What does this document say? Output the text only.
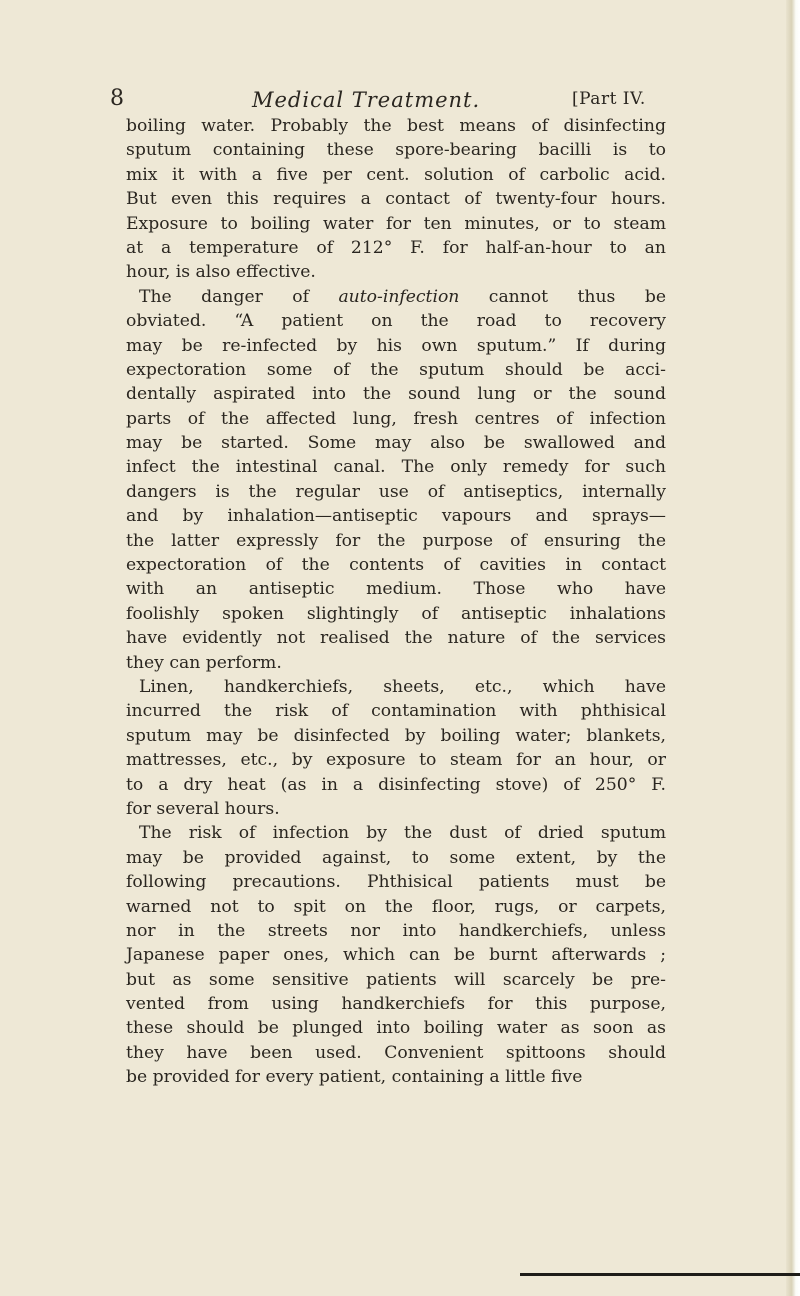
8	Medical Treatment.	[Part IV.
boiling water. Probably the best means of disinfecting
sputum containing these spore-bearing bacilli is to
mix it with a five per cent. solution of carbolic acid.
But even this requires a contact of twenty-four hours.
Exposure to boiling water for ten minutes, or to steam
at a temperature of 212° F. for half-an-hour to an
hour, is also effective.
The danger of auto-infection cannot thus be
obviated. “A patient on the road to recovery
may be re-infected by his own sputum.” If during
expectoration some of the sputum should be acci-
dentally aspirated into the sound lung or the sound
parts of the affected lung, fresh centres of infection
may be started. Some may also be swallowed and
infect the intestinal canal. The only remedy for such
dangers is the regular use of antiseptics, internally
and by inhalation—antiseptic vapours and sprays—
the latter expressly for the purpose of ensuring the
expectoration of the contents of cavities in contact
with an antiseptic medium. Those who have
foolishly spoken slightingly of antiseptic inhalations
have evidently not realised the nature of the services
they can perform.
Linen, handkerchiefs, sheets, etc., which have
incurred the risk of contamination with phthisical
sputum may be disinfected by boiling water; blankets,
mattresses, etc., by exposure to steam for an hour, or
to a dry heat (as in a disinfecting stove) of 250° F.
for several hours.
The risk of infection by the dust of dried sputum
may be provided against, to some extent, by the
following precautions. Phthisical patients must be
warned not to spit on the floor, rugs, or carpets,
nor in the streets nor into handkerchiefs, unless
Japanese paper ones, which can be burnt afterwards ;
but as some sensitive patients will scarcely be pre-
vented from using handkerchiefs for this purpose,
these should be plunged into boiling water as soon as
they have been used. Convenient spittoons should
be provided for every patient, containing a little five
